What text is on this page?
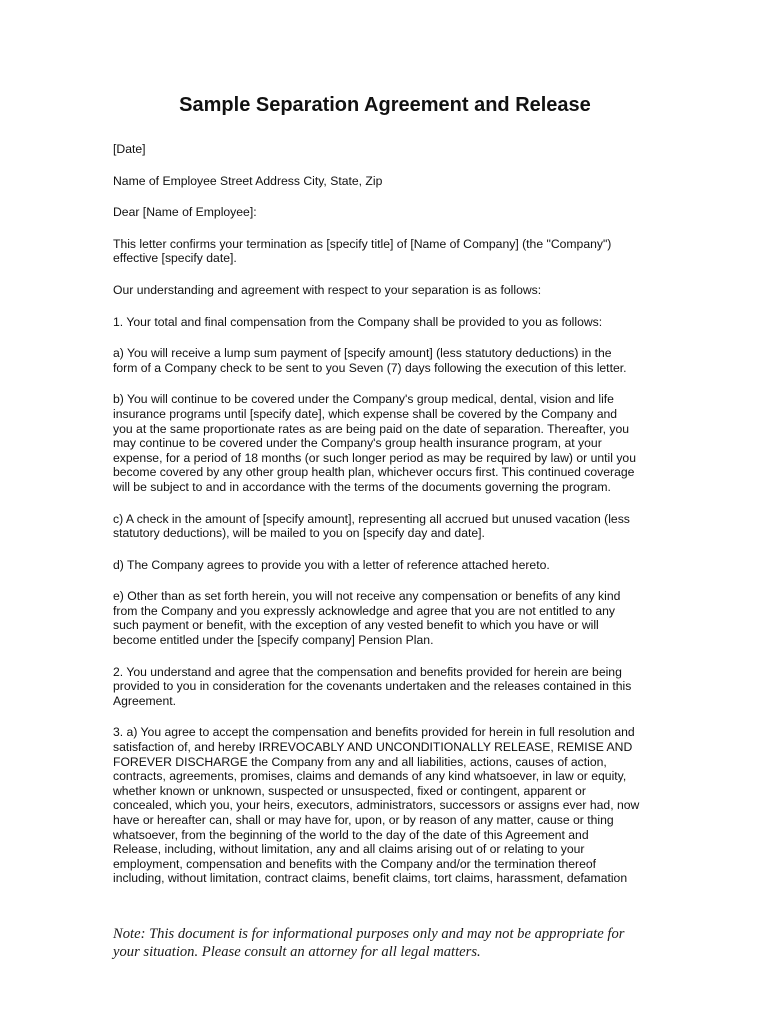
Sample Separation Agreement and Release

[Date]

Name of Employee Street Address City, State, Zip

Dear [Name of Employee]:

This letter confirms your termination as [specify title] of [Name of Company] (the "Company")
effective [specify date].

Our understanding and agreement with respect to your separation is as follows:

1. Your total and final compensation from the Company shall be provided to you as follows:

a) You will receive a lump sum payment of [specify amount] (less statutory deductions) in the
form of a Company check to be sent to you Seven (7) days following the execution of this letter.

b) You will continue to be covered under the Company's group medical, dental, vision and life
insurance programs until [specify date], which expense shall be covered by the Company and
you at the same proportionate rates as are being paid on the date of separation. Thereafter, you
may continue to be covered under the Company's group health insurance program, at your
expense, for a period of 18 months (or such longer period as may be required by law) or until you
become covered by any other group health plan, whichever occurs first. This continued coverage
will be subject to and in accordance with the terms of the documents governing the program.

c) A check in the amount of [specify amount], representing all accrued but unused vacation (less
statutory deductions), will be mailed to you on [specify day and date].

d) The Company agrees to provide you with a letter of reference attached hereto.

e) Other than as set forth herein, you will not receive any compensation or benefits of any kind
from the Company and you expressly acknowledge and agree that you are not entitled to any
such payment or benefit, with the exception of any vested benefit to which you have or will
become entitled under the [specify company] Pension Plan.

2. You understand and agree that the compensation and benefits provided for herein are being
provided to you in consideration for the covenants undertaken and the releases contained in this
Agreement.

3. a) You agree to accept the compensation and benefits provided for herein in full resolution and
satisfaction of, and hereby IRREVOCABLY AND UNCONDITIONALLY RELEASE, REMISE AND
FOREVER DISCHARGE the Company from any and all liabilities, actions, causes of action,
contracts, agreements, promises, claims and demands of any kind whatsoever, in law or equity,
whether known or unknown, suspected or unsuspected, fixed or contingent, apparent or
concealed, which you, your heirs, executors, administrators, successors or assigns ever had, now
have or hereafter can, shall or may have for, upon, or by reason of any matter, cause or thing
whatsoever, from the beginning of the world to the day of the date of this Agreement and
Release, including, without limitation, any and all claims arising out of or relating to your
employment, compensation and benefits with the Company and/or the termination thereof
including, without limitation, contract claims, benefit claims, tort claims, harassment, defamation

Note: This document is for informational purposes only and may not be appropriate for
your situation. Please consult an attorney for all legal matters.
